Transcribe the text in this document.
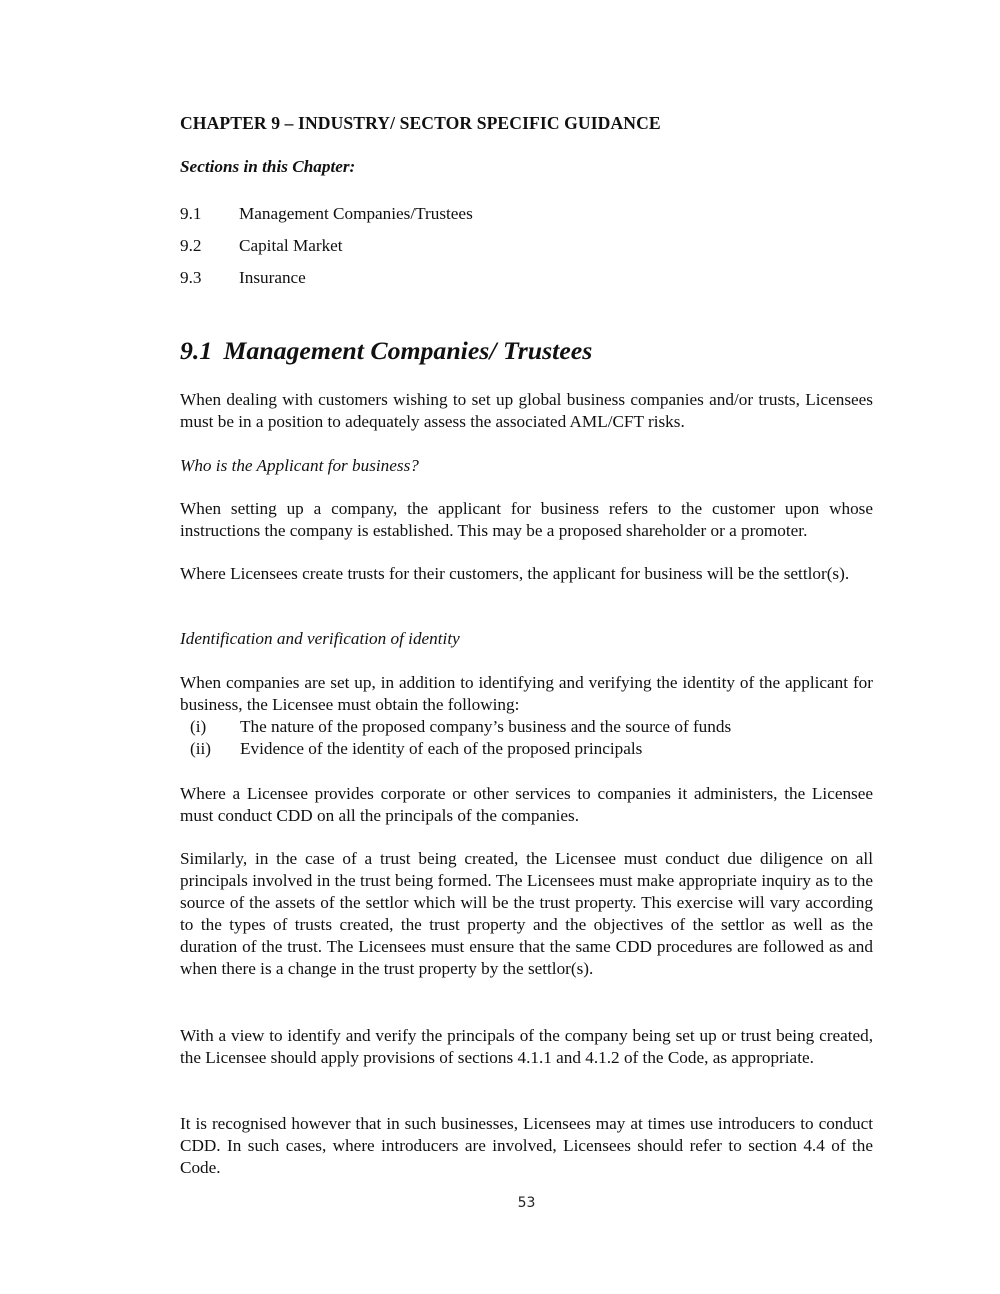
CHAPTER 9 – INDUSTRY/ SECTOR SPECIFIC GUIDANCE

Sections in this Chapter:

9.1	Management Companies/Trustees
9.2	Capital Market
9.3	Insurance
9.1 Management Companies/ Trustees

When dealing with customers wishing to set up global business companies and/or trusts, Licensees must be in a position to adequately assess the associated AML/CFT risks.

Who is the Applicant for business?

When setting up a company, the applicant for business refers to the customer upon whose instructions the company is established. This may be a proposed shareholder or a promoter.

Where Licensees create trusts for their customers, the applicant for business will be the settlor(s).

Identification and verification of identity

When companies are set up, in addition to identifying and verifying the identity of the applicant for business, the Licensee must obtain the following:

(i)	The nature of the proposed company’s business and the source of funds
(ii)	Evidence of the identity of each of the proposed principals

Where a Licensee provides corporate or other services to companies it administers, the Licensee must conduct CDD on all the principals of the companies.

Similarly, in the case of a trust being created, the Licensee must conduct due diligence on all principals involved in the trust being formed. The Licensees must make appropriate inquiry as to the source of the assets of the settlor which will be the trust property. This exercise will vary according to the types of trusts created, the trust property and the objectives of the settlor as well as the duration of the trust. The Licensees must ensure that the same CDD procedures are followed as and when there is a change in the trust property by the settlor(s).

With a view to identify and verify the principals of the company being set up or trust being created, the Licensee should apply provisions of sections 4.1.1 and 4.1.2 of the Code, as appropriate.

It is recognised however that in such businesses, Licensees may at times use introducers to conduct CDD. In such cases, where introducers are involved, Licensees should refer to section 4.4 of the Code.

53
